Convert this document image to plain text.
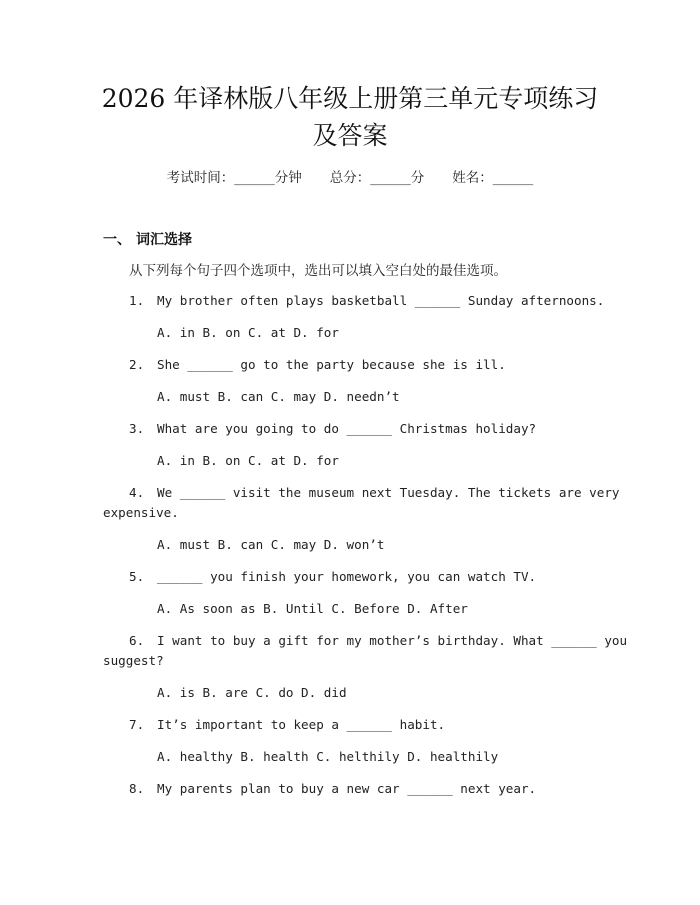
2026 年译林版八年级上册第三单元专项练习
及答案
考试时间：______分钟 总分：______分 姓名：______
一、 词汇选择
从下列每个句子四个选项中，选出可以填入空白处的最佳选项。
1. My brother often plays basketball ______ Sunday afternoons.
A. in B. on C. at D. for
2. She ______ go to the party because she is ill.
A. must B. can C. may D. needn’t
3. What are you going to do ______ Christmas holiday?
A. in B. on C. at D. for
4. We ______ visit the museum next Tuesday. The tickets are very
expensive.
A. must B. can C. may D. won’t
5. ______ you finish your homework, you can watch TV.
A. As soon as B. Until C. Before D. After
6. I want to buy a gift for my mother’s birthday. What ______ you
suggest?
A. is B. are C. do D. did
7. It’s important to keep a ______ habit.
A. healthy B. health C. helthily D. healthily
8. My parents plan to buy a new car ______ next year.
